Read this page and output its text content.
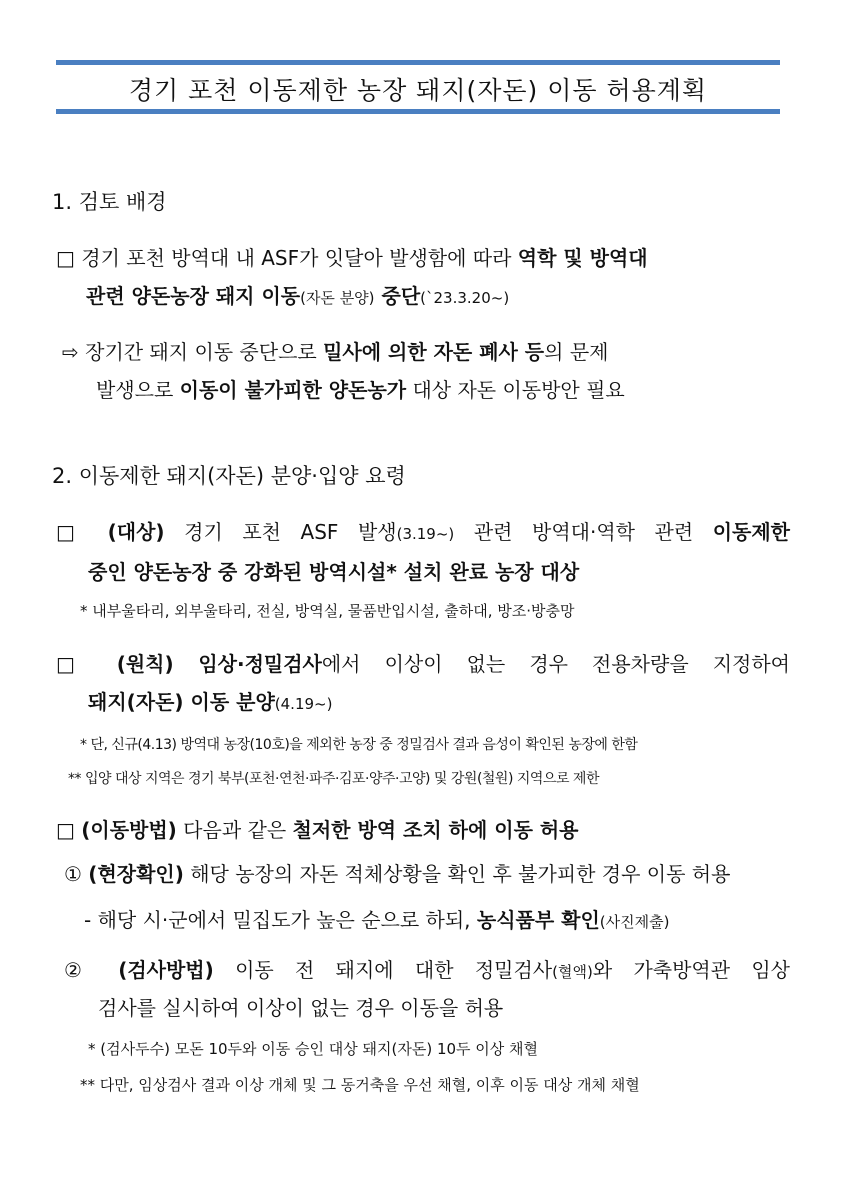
경기 포천 이동제한 농장 돼지(자돈) 이동 허용계획
1. 검토 배경
□ 경기 포천 방역대 내 ASF가 잇달아 발생함에 따라 역학 및 방역대
관련 양돈농장 돼지 이동(자돈 분양) 중단(`23.3.20~)
⇨ 장기간 돼지 이동 중단으로 밀사에 의한 자돈 폐사 등의 문제
발생으로 이동이 불가피한 양돈농가 대상 자돈 이동방안 필요
2. 이동제한 돼지(자돈) 분양·입양 요령
□ (대상) 경기 포천 ASF 발생(3.19~) 관련 방역대·역학 관련 이동제한
중인 양돈농장 중 강화된 방역시설* 설치 완료 농장 대상
* 내부울타리, 외부울타리, 전실, 방역실, 물품반입시설, 출하대, 방조·방충망
□ (원칙) 임상·정밀검사에서 이상이 없는 경우 전용차량을 지정하여
돼지(자돈) 이동 분양(4.19~)
* 단, 신규(4.13) 방역대 농장(10호)을 제외한 농장 중 정밀검사 결과 음성이 확인된 농장에 한함
** 입양 대상 지역은 경기 북부(포천·연천·파주·김포·양주·고양) 및 강원(철원) 지역으로 제한
□ (이동방법) 다음과 같은 철저한 방역 조치 하에 이동 허용
① (현장확인) 해당 농장의 자돈 적체상황을 확인 후 불가피한 경우 이동 허용
- 해당 시·군에서 밀집도가 높은 순으로 하되, 농식품부 확인(사진제출)
② (검사방법) 이동 전 돼지에 대한 정밀검사(혈액)와 가축방역관 임상
검사를 실시하여 이상이 없는 경우 이동을 허용
* (검사두수) 모돈 10두와 이동 승인 대상 돼지(자돈) 10두 이상 채혈
** 다만, 임상검사 결과 이상 개체 및 그 동거축을 우선 채혈, 이후 이동 대상 개체 채혈
